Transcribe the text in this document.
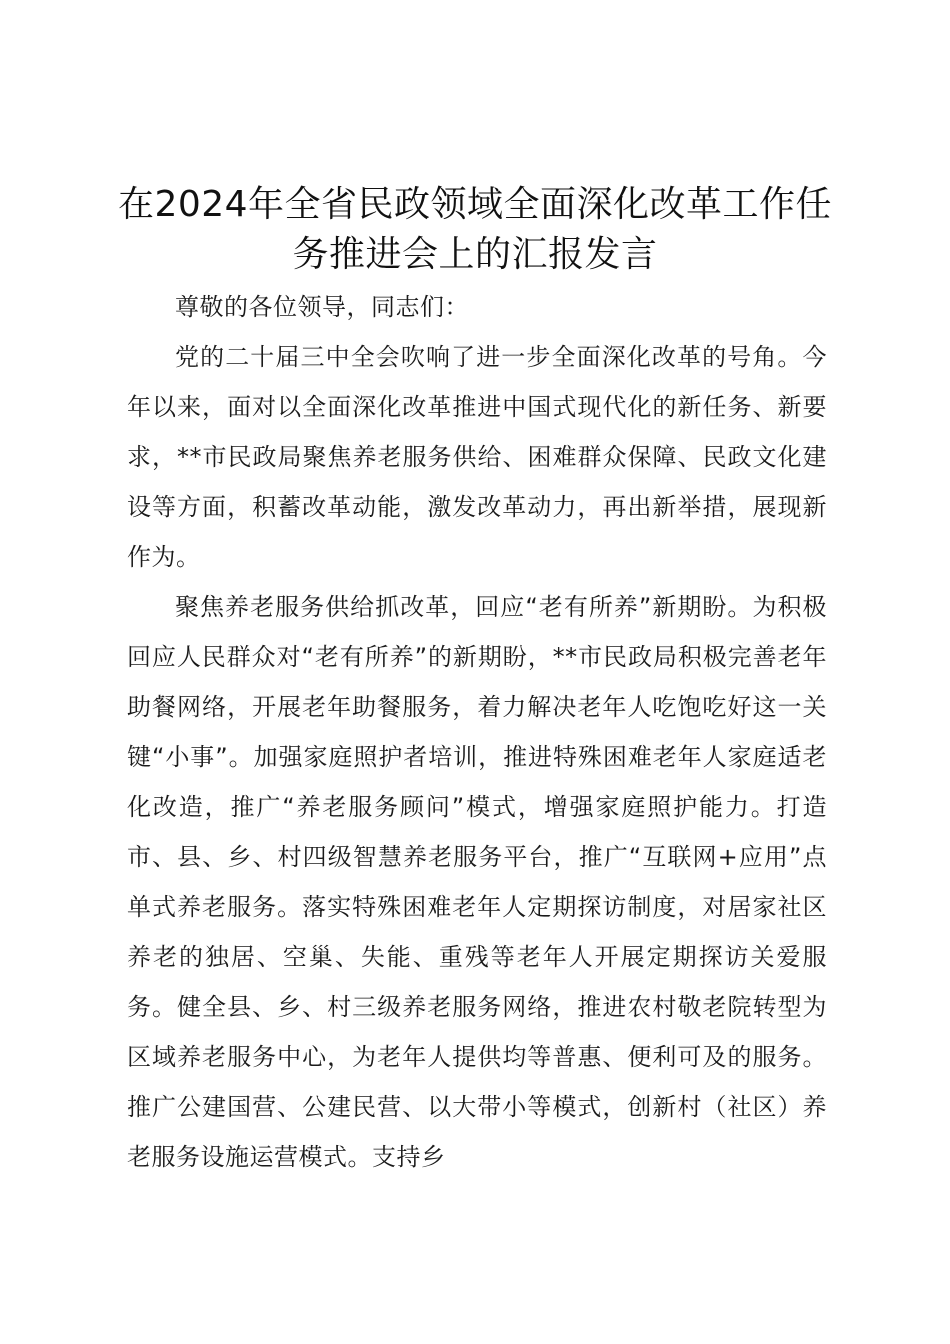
在2024年全省民政领域全面深化改革工作任务推进会上的汇报发言

尊敬的各位领导，同志们：

党的二十届三中全会吹响了进一步全面深化改革的号角。今年以来，面对以全面深化改革推进中国式现代化的新任务、新要求，**市民政局聚焦养老服务供给、困难群众保障、民政文化建设等方面，积蓄改革动能，激发改革动力，再出新举措，展现新作为。

聚焦养老服务供给抓改革，回应“老有所养”新期盼。为积极回应人民群众对“老有所养”的新期盼，**市民政局积极完善老年助餐网络，开展老年助餐服务，着力解决老年人吃饱吃好这一关键“小事”。加强家庭照护者培训，推进特殊困难老年人家庭适老化改造，推广“养老服务顾问”模式，增强家庭照护能力。打造市、县、乡、村四级智慧养老服务平台，推广“互联网+应用”点单式养老服务。落实特殊困难老年人定期探访制度，对居家社区养老的独居、空巢、失能、重残等老年人开展定期探访关爱服务。健全县、乡、村三级养老服务网络，推进农村敬老院转型为区域养老服务中心，为老年人提供均等普惠、便利可及的服务。推广公建国营、公建民营、以大带小等模式，创新村（社区）养老服务设施运营模式。支持乡
